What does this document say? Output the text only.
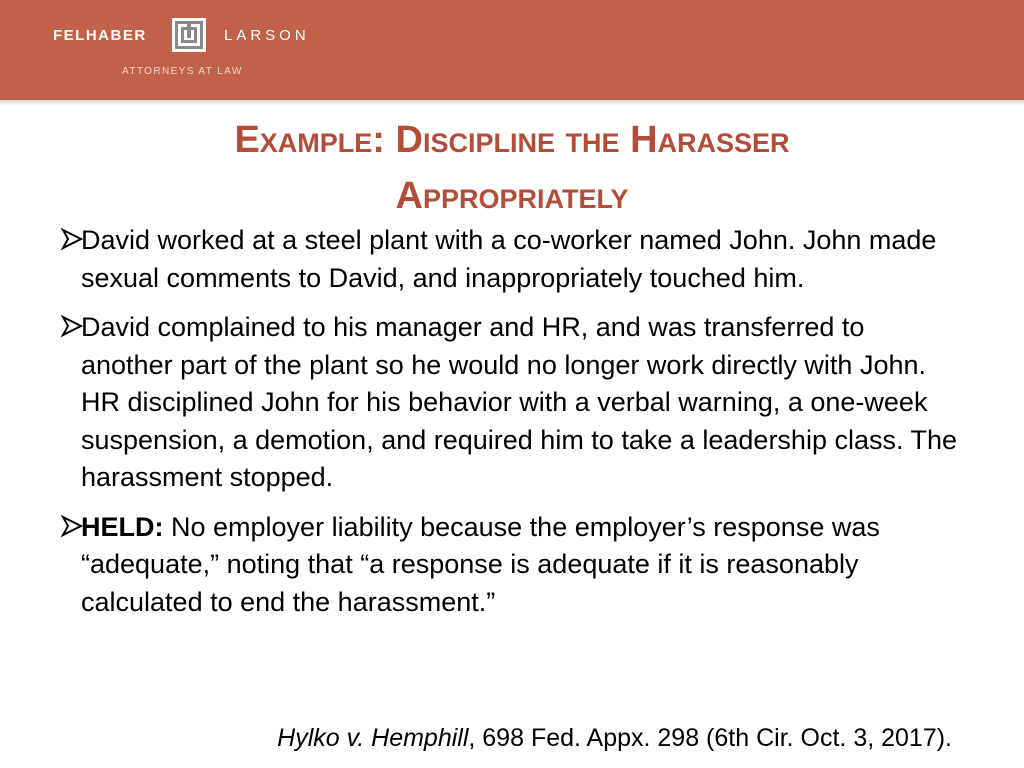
FELHABER	LARSON
ATTORNEYS AT LAW
Example: Discipline the Harasser
Appropriately
David worked at a steel plant with a co-worker named John. John made sexual comments to David, and inappropriately touched him.
David complained to his manager and HR, and was transferred to another part of the plant so he would no longer work directly with John. HR disciplined John for his behavior with a verbal warning, a one-week suspension, a demotion, and required him to take a leadership class. The harassment stopped.
HELD: No employer liability because the employer’s response was “adequate,” noting that “a response is adequate if it is reasonably calculated to end the harassment.”
Hylko v. Hemphill, 698 Fed. Appx. 298 (6th Cir. Oct. 3, 2017).
